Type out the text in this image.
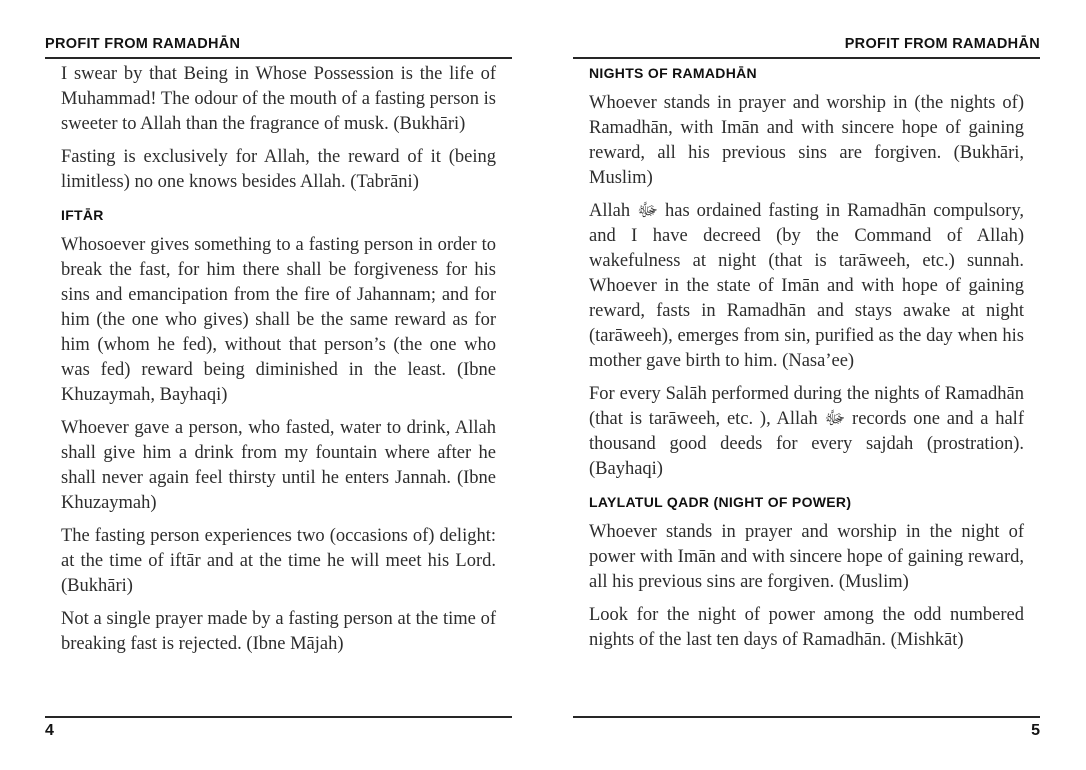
PROFIT FROM RAMADHĀN

I swear by that Being in Whose Possession is the life of Muhammad! The odour of the mouth of a fasting person is sweeter to Allah than the fragrance of musk. (Bukhāri)

Fasting is exclusively for Allah, the reward of it (being limitless) no one knows besides Allah. (Tabrāni)

IFTĀR

Whosoever gives something to a fasting person in order to break the fast, for him there shall be forgiveness for his sins and emancipation from the fire of Jahannam; and for him (the one who gives) shall be the same reward as for him (whom he fed), without that person’s (the one who was fed) reward being diminished in the least. (Ibne Khuzaymah, Bayhaqi)

Whoever gave a person, who fasted, water to drink, Allah shall give him a drink from my fountain where after he shall never again feel thirsty until he enters Jannah. (Ibne Khuzaymah)

The fasting person experiences two (occasions of) delight: at the time of iftār and at the time he will meet his Lord. (Bukhāri)

Not a single prayer made by a fasting person at the time of breaking fast is rejected. (Ibne Mājah)

4
PROFIT FROM RAMADHĀN
NIGHTS OF RAMADHĀN

Whoever stands in prayer and worship in (the nights of) Ramadhān, with Imān and with sincere hope of gaining reward, all his previous sins are forgiven. (Bukhāri, Muslim)

Allah ﷻ has ordained fasting in Ramadhān compulsory, and I have decreed (by the Command of Allah) wakefulness at night (that is tarāweeh, etc.) sunnah. Whoever in the state of Imān and with hope of gaining reward, fasts in Ramadhān and stays awake at night (tarāweeh), emerges from sin, purified as the day when his mother gave birth to him. (Nasa’ee)

For every Salāh performed during the nights of Ramadhān (that is tarāweeh, etc. ), Allah ﷻ records one and a half thousand good deeds for every sajdah (prostration). (Bayhaqi)

LAYLATUL QADR (NIGHT OF POWER)

Whoever stands in prayer and worship in the night of power with Imān and with sincere hope of gaining reward, all his previous sins are forgiven. (Muslim)

Look for the night of power among the odd numbered nights of the last ten days of Ramadhān. (Mishkāt)

5
